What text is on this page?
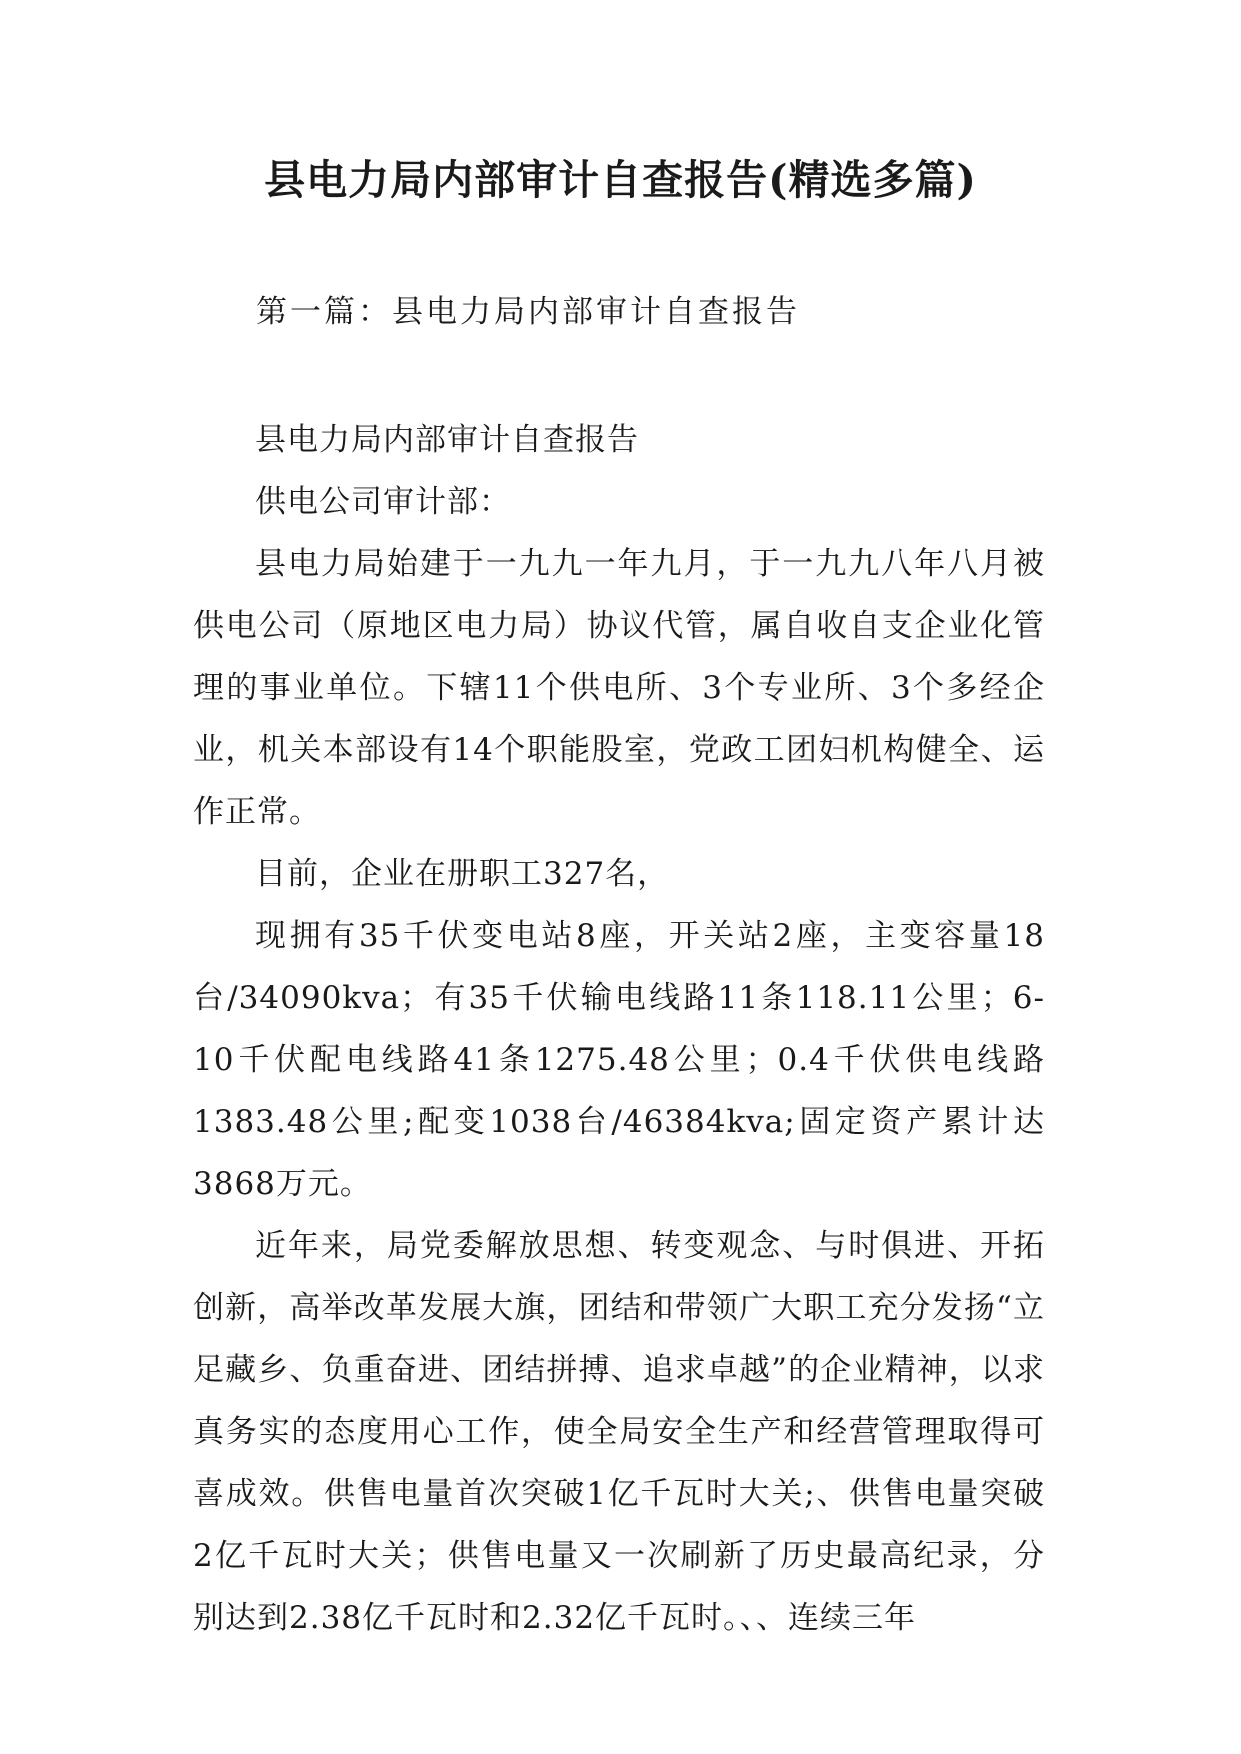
县电力局内部审计自查报告(精选多篇)
第一篇：县电力局内部审计自查报告

县电力局内部审计自查报告

供电公司审计部：

县电力局始建于一九九一年九月，于一九九八年八月被供电公司（原地区电力局）协议代管，属自收自支企业化管理的事业单位。下辖11个供电所、3个专业所、3个多经企业，机关本部设有14个职能股室，党政工团妇机构健全、运作正常。

目前，企业在册职工327名，

现拥有35千伏变电站8座，开关站2座，主变容量18台/34090kva；有35千伏输电线路11条118.11公里；6-10千伏配电线路41条1275.48公里；0.4千伏供电线路1383.48公里;配变1038台/46384kva;固定资产累计达3868万元。

近年来，局党委解放思想、转变观念、与时俱进、开拓创新，高举改革发展大旗，团结和带领广大职工充分发扬“立足藏乡、负重奋进、团结拼搏、追求卓越”的企业精神，以求真务实的态度用心工作，使全局安全生产和经营管理取得可喜成效。供售电量首次突破1亿千瓦时大关;、供售电量突破2亿千瓦时大关；供售电量又一次刷新了历史最高纪录，分别达到2.38亿千瓦时和2.32亿千瓦时。、、连续三年
